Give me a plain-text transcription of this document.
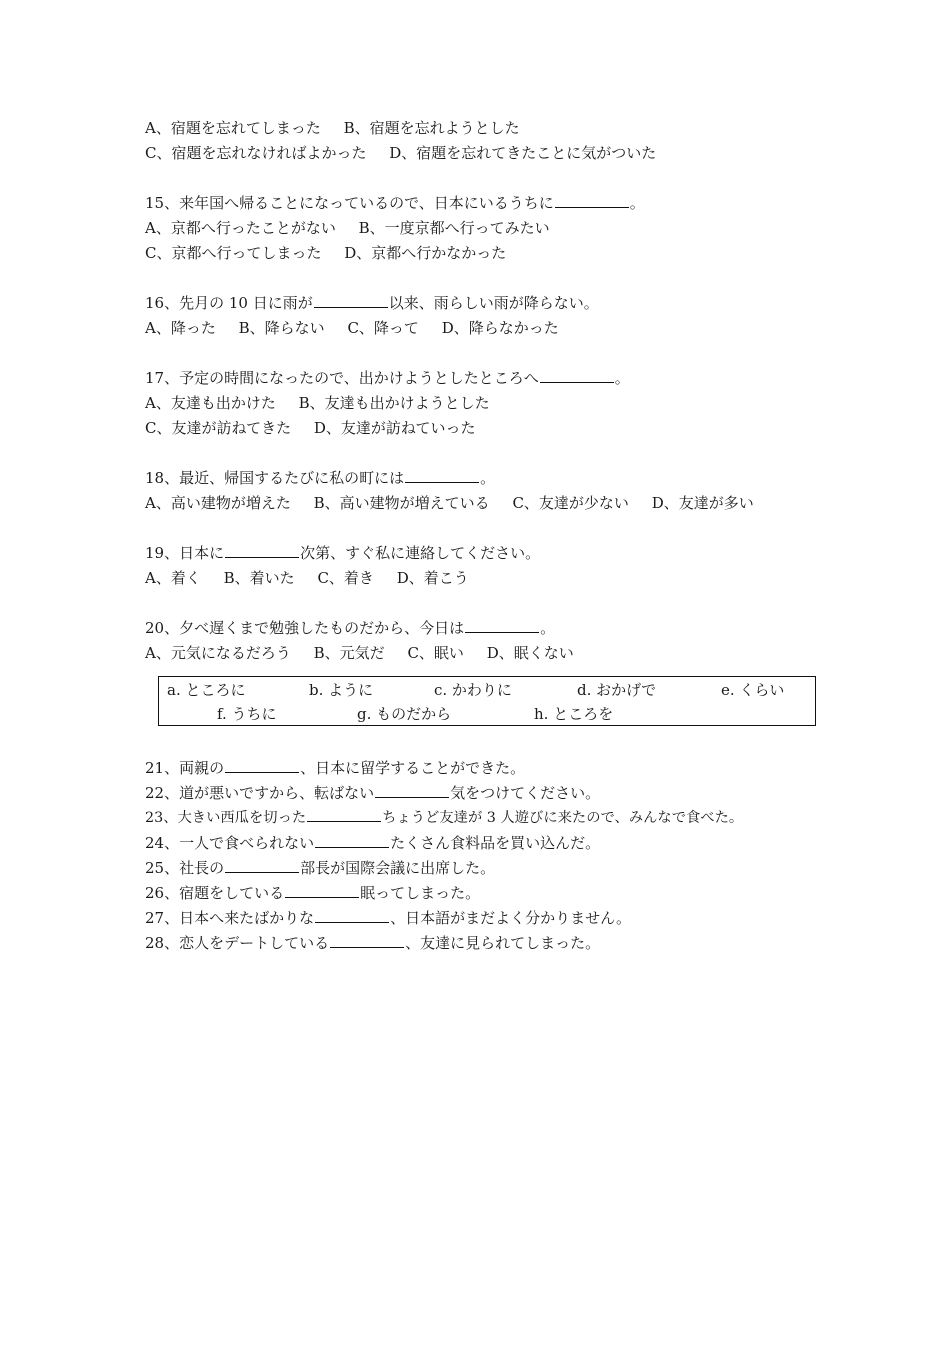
A、宿題を忘れてしまった B、宿題を忘れようとした
C、宿題を忘れなければよかった D、宿題を忘れてきたことに気がついた
15、来年国へ帰ることになっているので、日本にいるうちに	。
A、京都へ行ったことがない B、一度京都へ行ってみたい
C、京都へ行ってしまった D、京都へ行かなかった
16、先月の 10 日に雨が	以来、雨らしい雨が降らない。
A、降った B、降らない C、降って D、降らなかった
17、予定の時間になったので、出かけようとしたところへ	。
A、友達も出かけた B、友達も出かけようとした
C、友達が訪ねてきた D、友達が訪ねていった
18、最近、帰国するたびに私の町には	。
A、高い建物が増えた B、高い建物が増えている C、友達が少ない D、友達が多い
19、日本に	次第、すぐ私に連絡してください。
A、着く B、着いた C、着き D、着こう
20、夕べ遅くまで勉強したものだから、今日は	。
A、元気になるだろう B、元気だ C、眠い D、眠くない
a. ところに	b. ように	c. かわりに	d. おかげで	e. くらい
f. うちに	g. ものだから	h. ところを
21、両親の	、日本に留学することができた。
22、道が悪いですから、転ばない	気をつけてください。
23、大きい西瓜を切った	ちょうど友達が 3 人遊びに来たので、みんなで食べた。
24、一人で食べられない	たくさん食料品を買い込んだ。
25、社長の	部長が国際会議に出席した。
26、宿題をしている	眠ってしまった。
27、日本へ来たばかりな	、日本語がまだよく分かりません。
28、恋人をデートしている	、友達に見られてしまった。
